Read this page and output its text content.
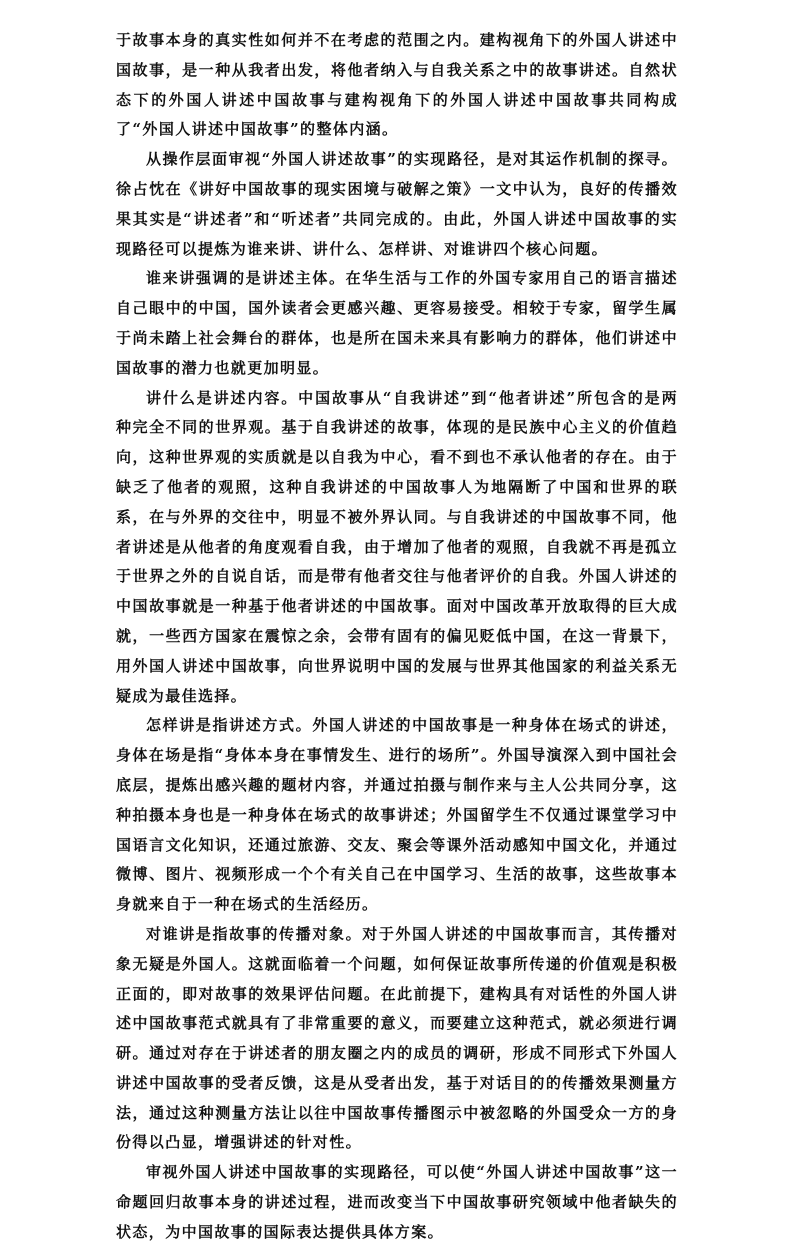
于故事本身的真实性如何并不在考虑的范围之内。建构视角下的外国人讲述中国故事，是一种从我者出发，将他者纳入与自我关系之中的故事讲述。自然状态下的外国人讲述中国故事与建构视角下的外国人讲述中国故事共同构成了“外国人讲述中国故事”的整体内涵。

从操作层面审视“外国人讲述故事”的实现路径，是对其运作机制的探寻。徐占忱在《讲好中国故事的现实困境与破解之策》一文中认为，良好的传播效果其实是“讲述者”和“听述者”共同完成的。由此，外国人讲述中国故事的实现路径可以提炼为谁来讲、讲什么、怎样讲、对谁讲四个核心问题。

谁来讲强调的是讲述主体。在华生活与工作的外国专家用自己的语言描述自己眼中的中国，国外读者会更感兴趣、更容易接受。相较于专家，留学生属于尚未踏上社会舞台的群体，也是所在国未来具有影响力的群体，他们讲述中国故事的潜力也就更加明显。

讲什么是讲述内容。中国故事从“自我讲述”到“他者讲述”所包含的是两种完全不同的世界观。基于自我讲述的故事，体现的是民族中心主义的价值趋向，这种世界观的实质就是以自我为中心，看不到也不承认他者的存在。由于缺乏了他者的观照，这种自我讲述的中国故事人为地隔断了中国和世界的联系，在与外界的交往中，明显不被外界认同。与自我讲述的中国故事不同，他者讲述是从他者的角度观看自我，由于增加了他者的观照，自我就不再是孤立于世界之外的自说自话，而是带有他者交往与他者评价的自我。外国人讲述的中国故事就是一种基于他者讲述的中国故事。面对中国改革开放取得的巨大成就，一些西方国家在震惊之余，会带有固有的偏见贬低中国，在这一背景下，用外国人讲述中国故事，向世界说明中国的发展与世界其他国家的利益关系无疑成为最佳选择。

怎样讲是指讲述方式。外国人讲述的中国故事是一种身体在场式的讲述，身体在场是指“身体本身在事情发生、进行的场所”。外国导演深入到中国社会底层，提炼出感兴趣的题材内容，并通过拍摄与制作来与主人公共同分享，这种拍摄本身也是一种身体在场式的故事讲述；外国留学生不仅通过课堂学习中国语言文化知识，还通过旅游、交友、聚会等课外活动感知中国文化，并通过微博、图片、视频形成一个个有关自己在中国学习、生活的故事，这些故事本身就来自于一种在场式的生活经历。

对谁讲是指故事的传播对象。对于外国人讲述的中国故事而言，其传播对象无疑是外国人。这就面临着一个问题，如何保证故事所传递的价值观是积极正面的，即对故事的效果评估问题。在此前提下，建构具有对话性的外国人讲述中国故事范式就具有了非常重要的意义，而要建立这种范式，就必须进行调研。通过对存在于讲述者的朋友圈之内的成员的调研，形成不同形式下外国人讲述中国故事的受者反馈，这是从受者出发，基于对话目的的传播效果测量方法，通过这种测量方法让以往中国故事传播图示中被忽略的外国受众一方的身份得以凸显，增强讲述的针对性。

审视外国人讲述中国故事的实现路径，可以使“外国人讲述中国故事”这一命题回归故事本身的讲述过程，进而改变当下中国故事研究领域中他者缺失的状态，为中国故事的国际表达提供具体方案。
